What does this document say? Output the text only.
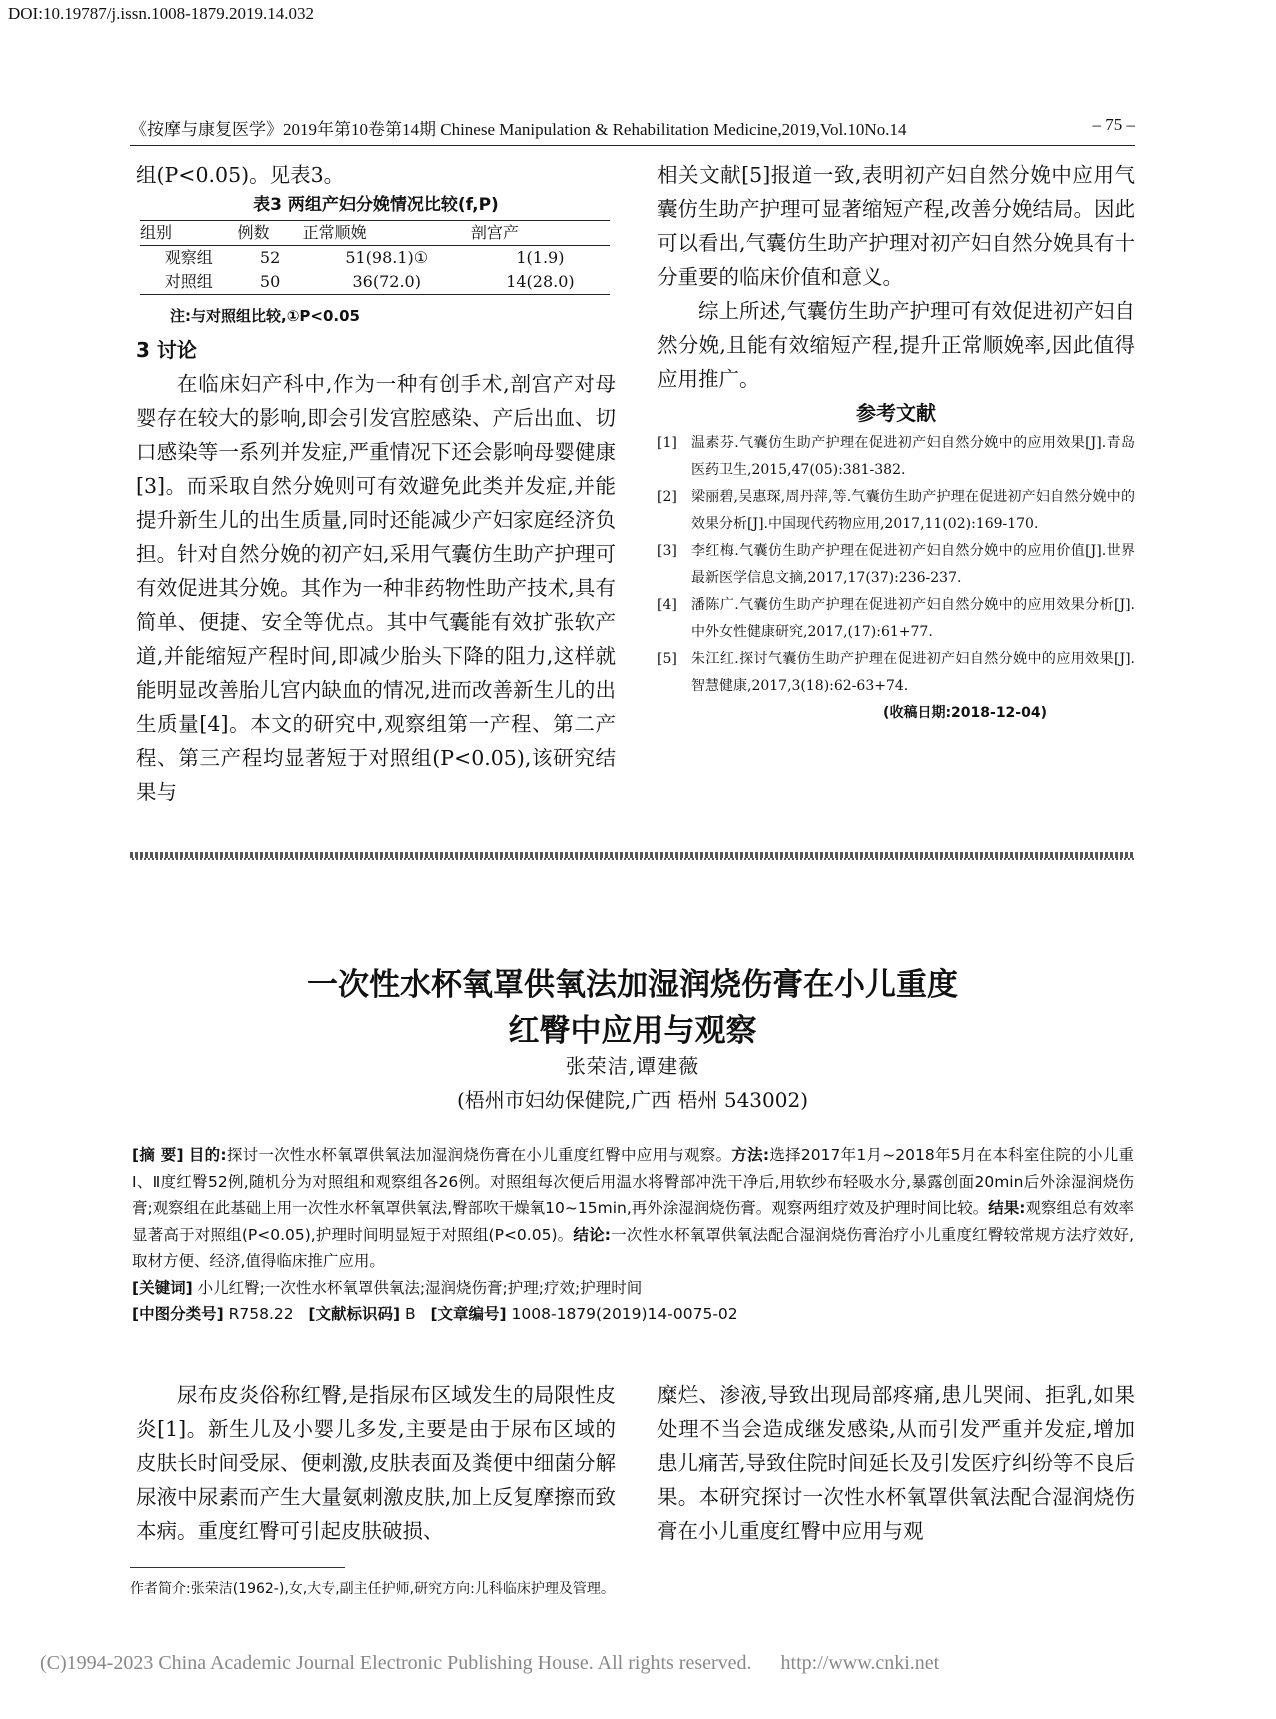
DOI:10.19787/j.issn.1008-1879.2019.14.032
《按摩与康复医学》2019年第10卷第14期 Chinese Manipulation & Rehabilitation Medicine,2019,Vol.10No.14	– 75 –

组(P<0.05)。见表3。

表3 两组产妇分娩情况比较(f,P)
组别	例数	正常顺娩	剖宫产
观察组	52	51(98.1)①	1(1.9)
对照组	50	36(72.0)	14(28.0)
注:与对照组比较,①P<0.05
3 讨论

在临床妇产科中,作为一种有创手术,剖宫产对母婴存在较大的影响,即会引发宫腔感染、产后出血、切口感染等一系列并发症,严重情况下还会影响母婴健康[3]。而采取自然分娩则可有效避免此类并发症,并能提升新生儿的出生质量,同时还能减少产妇家庭经济负担。针对自然分娩的初产妇,采用气囊仿生助产护理可有效促进其分娩。其作为一种非药物性助产技术,具有简单、便捷、安全等优点。其中气囊能有效扩张软产道,并能缩短产程时间,即减少胎头下降的阻力,这样就能明显改善胎儿宫内缺血的情况,进而改善新生儿的出生质量[4]。本文的研究中,观察组第一产程、第二产程、第三产程均显著短于对照组(P<0.05),该研究结果与

相关文献[5]报道一致,表明初产妇自然分娩中应用气囊仿生助产护理可显著缩短产程,改善分娩结局。因此可以看出,气囊仿生助产护理对初产妇自然分娩具有十分重要的临床价值和意义。

综上所述,气囊仿生助产护理可有效促进初产妇自然分娩,且能有效缩短产程,提升正常顺娩率,因此值得应用推广。

参考文献
[1]	温素芬.气囊仿生助产护理在促进初产妇自然分娩中的应用效果[J].青岛医药卫生,2015,47(05):381-382.
[2]	梁丽碧,吴惠琛,周丹萍,等.气囊仿生助产护理在促进初产妇自然分娩中的效果分析[J].中国现代药物应用,2017,11(02):169-170.
[3]	李红梅.气囊仿生助产护理在促进初产妇自然分娩中的应用价值[J].世界最新医学信息文摘,2017,17(37):236-237.
[4]	潘陈广.气囊仿生助产护理在促进初产妇自然分娩中的应用效果分析[J].中外女性健康研究,2017,(17):61+77.
[5]	朱江红.探讨气囊仿生助产护理在促进初产妇自然分娩中的应用效果[J].智慧健康,2017,3(18):62-63+74.
(收稿日期:2018-12-04)
一次性水杯氧罩供氧法加湿润烧伤膏在小儿重度
红臀中应用与观察
张荣洁,谭建薇
(梧州市妇幼保健院,广西 梧州 543002)

[摘 要] 目的:探讨一次性水杯氧罩供氧法加湿润烧伤膏在小儿重度红臀中应用与观察。方法:选择2017年1月~2018年5月在本科室住院的小儿重Ⅰ、Ⅱ度红臀52例,随机分为对照组和观察组各26例。对照组每次便后用温水将臀部冲洗干净后,用软纱布轻吸水分,暴露创面20min后外涂湿润烧伤膏;观察组在此基础上用一次性水杯氧罩供氧法,臀部吹干燥氧10~15min,再外涂湿润烧伤膏。观察两组疗效及护理时间比较。结果:观察组总有效率显著高于对照组(P<0.05),护理时间明显短于对照组(P<0.05)。结论:一次性水杯氧罩供氧法配合湿润烧伤膏治疗小儿重度红臀较常规方法疗效好,取材方便、经济,值得临床推广应用。

[关键词] 小儿红臀;一次性水杯氧罩供氧法;湿润烧伤膏;护理;疗效;护理时间

[中图分类号] R758.22 [文献标识码] B [文章编号] 1008-1879(2019)14-0075-02

尿布皮炎俗称红臀,是指尿布区域发生的局限性皮炎[1]。新生儿及小婴儿多发,主要是由于尿布区域的皮肤长时间受尿、便刺激,皮肤表面及粪便中细菌分解尿液中尿素而产生大量氨刺激皮肤,加上反复摩擦而致本病。重度红臀可引起皮肤破损、

糜烂、渗液,导致出现局部疼痛,患儿哭闹、拒乳,如果处理不当会造成继发感染,从而引发严重并发症,增加患儿痛苦,导致住院时间延长及引发医疗纠纷等不良后果。本研究探讨一次性水杯氧罩供氧法配合湿润烧伤膏在小儿重度红臀中应用与观

作者简介:张荣洁(1962-),女,大专,副主任护师,研究方向:儿科临床护理及管理。
(C)1994-2023 China Academic Journal Electronic Publishing House. All rights reserved. http://www.cnki.net
